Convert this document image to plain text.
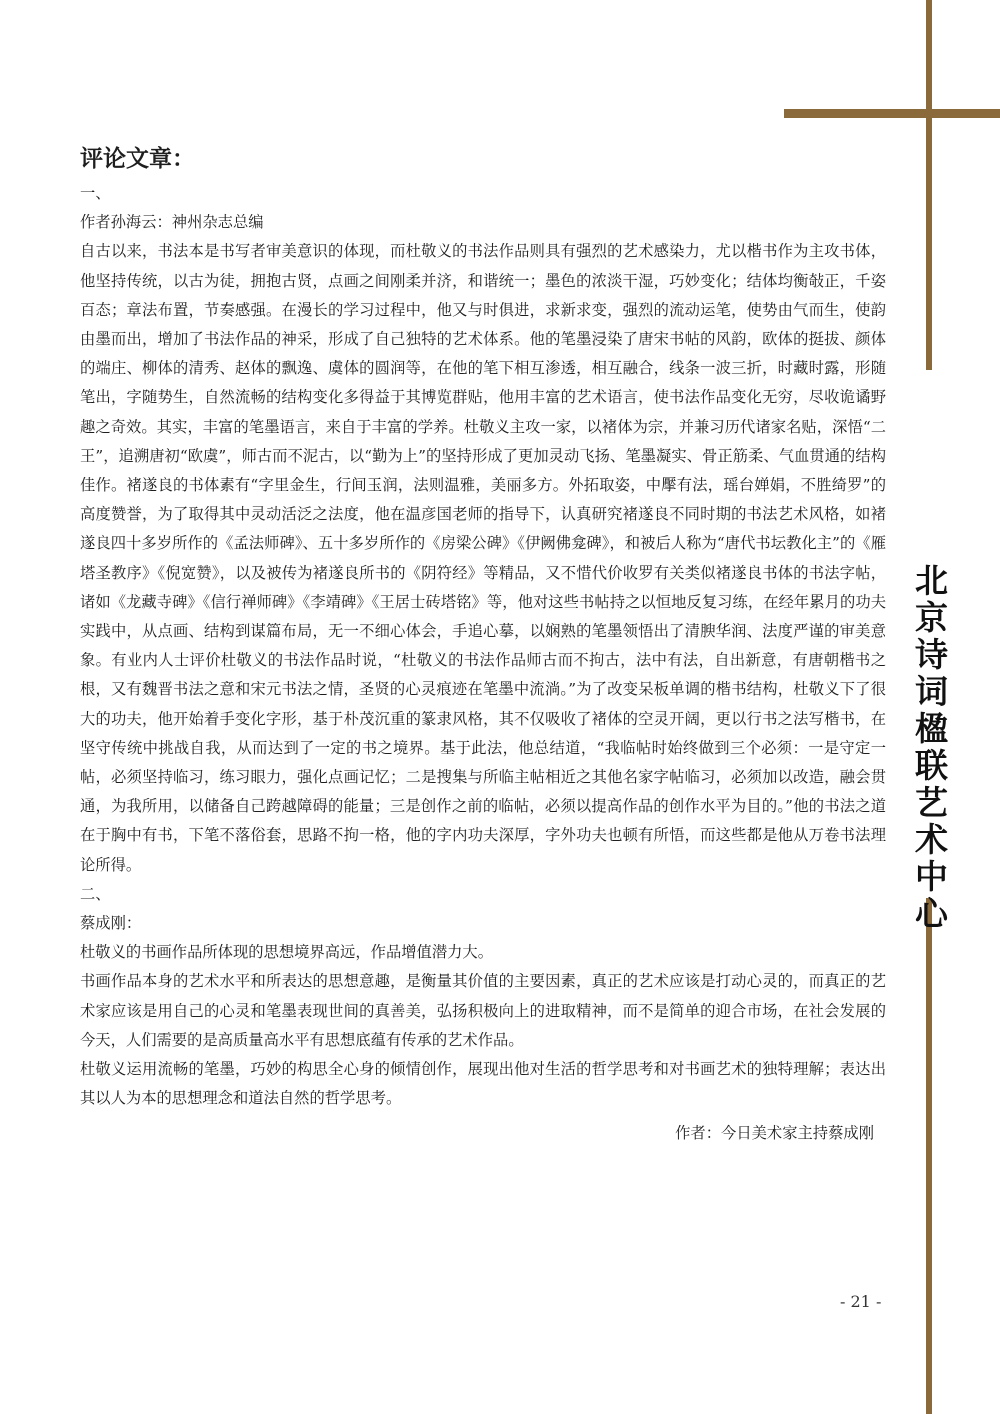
北京诗词楹联艺术中心
评论文章：

一、

作者孙海云：神州杂志总编

自古以来，书法本是书写者审美意识的体现，而杜敬义的书法作品则具有强烈的艺术感染力，尤以楷书作为主攻书体，他坚持传统，以古为徒，拥抱古贤，点画之间刚柔并济，和谐统一；墨色的浓淡干湿，巧妙变化；结体均衡敧正，千姿百态；章法布置，节奏感强。在漫长的学习过程中，他又与时俱进，求新求变，强烈的流动运笔，使势由气而生，使韵由墨而出，增加了书法作品的神采，形成了自己独特的艺术体系。他的笔墨浸染了唐宋书帖的风韵，欧体的挺拔、颜体的端庄、柳体的清秀、赵体的飘逸、虞体的圆润等，在他的笔下相互渗透，相互融合，线条一波三折，时藏时露，形随笔出，字随势生，自然流畅的结构变化多得益于其博览群贴，他用丰富的艺术语言，使书法作品变化无穷，尽收诡谲野趣之奇效。其实，丰富的笔墨语言，来自于丰富的学养。杜敬义主攻一家，以褚体为宗，并兼习历代诸家名贴，深悟“二王”，追溯唐初“欧虞”，师古而不泥古，以“勤为上”的坚持形成了更加灵动飞扬、笔墨凝实、骨正筋柔、气血贯通的结构佳作。褚遂良的书体素有“字里金生，行间玉润，法则温雅，美丽多方。外拓取姿，中擪有法，瑶台婵娟，不胜绮罗”的高度赞誉，为了取得其中灵动活泛之法度，他在温彦国老师的指导下，认真研究褚遂良不同时期的书法艺术风格，如褚遂良四十多岁所作的《孟法师碑》、五十多岁所作的《房梁公碑》《伊阙佛龛碑》，和被后人称为“唐代书坛教化主”的《雁塔圣教序》《倪宽赞》，以及被传为褚遂良所书的《阴符经》等精品，又不惜代价收罗有关类似褚遂良书体的书法字帖，诸如《龙藏寺碑》《信行禅师碑》《李靖碑》《王居士砖塔铭》等，他对这些书帖持之以恒地反复习练，在经年累月的功夫实践中，从点画、结构到谋篇布局，无一不细心体会，手追心摹，以娴熟的笔墨领悟出了清腴华润、法度严谨的审美意象。有业内人士评价杜敬义的书法作品时说，“杜敬义的书法作品师古而不拘古，法中有法，自出新意，有唐朝楷书之根，又有魏晋书法之意和宋元书法之情，圣贤的心灵痕迹在笔墨中流淌。”为了改变呆板单调的楷书结构，杜敬义下了很大的功夫，他开始着手变化字形，基于朴茂沉重的篆隶风格，其不仅吸收了褚体的空灵开阔，更以行书之法写楷书，在坚守传统中挑战自我，从而达到了一定的书之境界。基于此法，他总结道，“我临帖时始终做到三个必须：一是守定一帖，必须坚持临习，练习眼力，强化点画记忆；二是搜集与所临主帖相近之其他名家字帖临习，必须加以改造，融会贯通，为我所用，以储备自己跨越障碍的能量；三是创作之前的临帖，必须以提高作品的创作水平为目的。”他的书法之道在于胸中有书，下笔不落俗套，思路不拘一格，他的字内功夫深厚，字外功夫也顿有所悟，而这些都是他从万卷书法理论所得。

二、

蔡成刚：

杜敬义的书画作品所体现的思想境界高远，作品增值潜力大。

书画作品本身的艺术水平和所表达的思想意趣，是衡量其价值的主要因素，真正的艺术应该是打动心灵的，而真正的艺术家应该是用自己的心灵和笔墨表现世间的真善美，弘扬积极向上的进取精神，而不是简单的迎合市场，在社会发展的今天，人们需要的是高质量高水平有思想底蕴有传承的艺术作品。

杜敬义运用流畅的笔墨，巧妙的构思全心身的倾情创作，展现出他对生活的哲学思考和对书画艺术的独特理解；表达出其以人为本的思想理念和道法自然的哲学思考。

作者：今日美术家主持蔡成刚

- 21 -
